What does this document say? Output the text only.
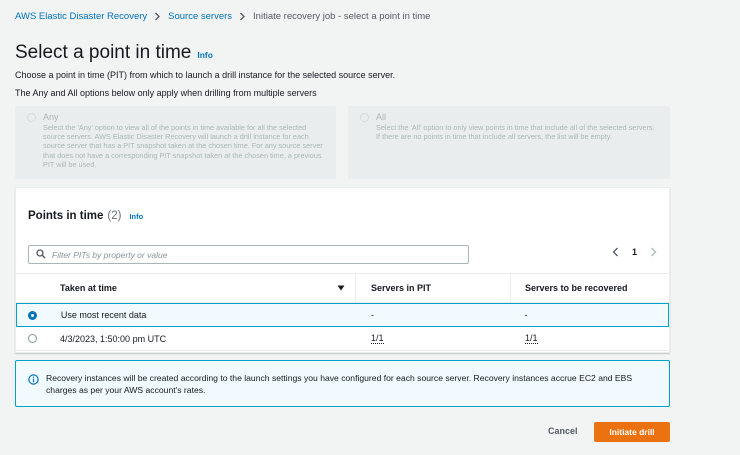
AWS Elastic Disaster Recovery Source servers Initiate recovery job - select a point in time
Select a point in time Info

Choose a point in time (PIT) from which to launch a drill instance for the selected source server.

The Any and All options below only apply when drilling from multiple servers

Any

Select the 'Any' option to view all of the points in time available for all the selected source servers. AWS Elastic Disaster Recovery will launch a drill instance for each source server that has a PIT snapshot taken at the chosen time. For any source server that does not have a corresponding PIT snapshot taken at the chosen time, a previous PIT will be used.

All

Select the 'All' option to only view points in time that include all of the selected servers. If there are no points in time that include all servers, the list will be empty.

Points in time (2) Info
Filter PITs by property or value
1
Taken at time	Servers in PIT	Servers to be recovered
Use most recent data	-	-
4/3/2023, 1:50:00 pm UTC	1/1	1/1

Recovery instances will be created according to the launch settings you have configured for each source server. Recovery instances accrue EC2 and EBS charges as per your AWS account's rates.

Cancel	Initiate drill
